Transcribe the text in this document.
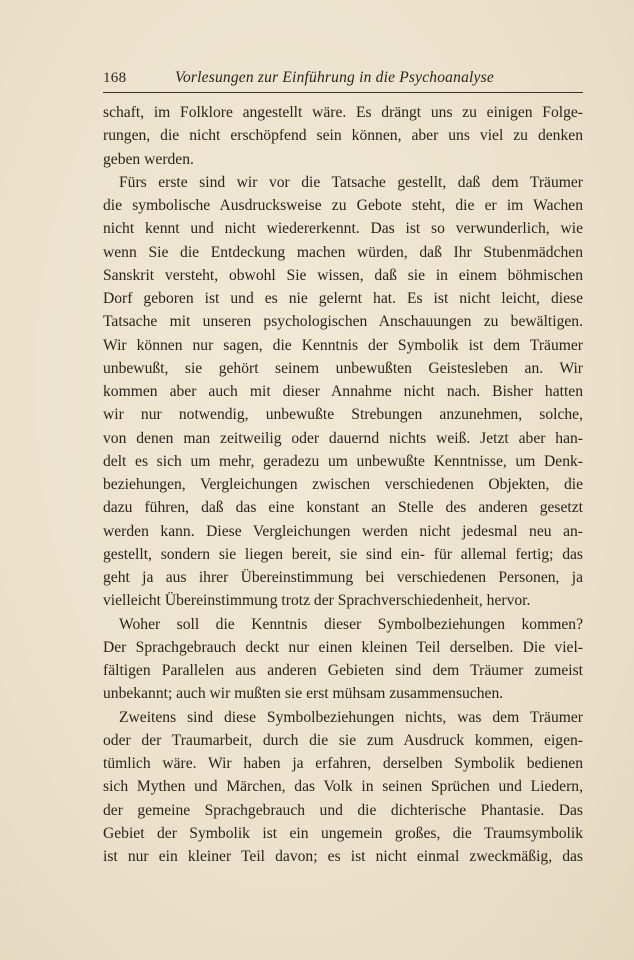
168	Vorlesungen zur Einführung in die Psychoanalyse
schaft, im Folklore angestellt wäre. Es drängt uns zu einigen Folge-
rungen, die nicht erschöpfend sein können, aber uns viel zu denken
geben werden.
Fürs erste sind wir vor die Tatsache gestellt, daß dem Träumer
die symbolische Ausdrucksweise zu Gebote steht, die er im Wachen
nicht kennt und nicht wiedererkennt. Das ist so verwunderlich, wie
wenn Sie die Entdeckung machen würden, daß Ihr Stubenmädchen
Sanskrit versteht, obwohl Sie wissen, daß sie in einem böhmischen
Dorf geboren ist und es nie gelernt hat. Es ist nicht leicht, diese
Tatsache mit unseren psychologischen Anschauungen zu bewältigen.
Wir können nur sagen, die Kenntnis der Symbolik ist dem Träumer
unbewußt, sie gehört seinem unbewußten Geistesleben an. Wir
kommen aber auch mit dieser Annahme nicht nach. Bisher hatten
wir nur notwendig, unbewußte Strebungen anzunehmen, solche,
von denen man zeitweilig oder dauernd nichts weiß. Jetzt aber han-
delt es sich um mehr, geradezu um unbewußte Kenntnisse, um Denk-
beziehungen, Vergleichungen zwischen verschiedenen Objekten, die
dazu führen, daß das eine konstant an Stelle des anderen gesetzt
werden kann. Diese Vergleichungen werden nicht jedesmal neu an-
gestellt, sondern sie liegen bereit, sie sind ein- für allemal fertig; das
geht ja aus ihrer Übereinstimmung bei verschiedenen Personen, ja
vielleicht Übereinstimmung trotz der Sprachverschiedenheit, hervor.
Woher soll die Kenntnis dieser Symbolbeziehungen kommen?
Der Sprachgebrauch deckt nur einen kleinen Teil derselben. Die viel-
fältigen Parallelen aus anderen Gebieten sind dem Träumer zumeist
unbekannt; auch wir mußten sie erst mühsam zusammensuchen.
Zweitens sind diese Symbolbeziehungen nichts, was dem Träumer
oder der Traumarbeit, durch die sie zum Ausdruck kommen, eigen-
tümlich wäre. Wir haben ja erfahren, derselben Symbolik bedienen
sich Mythen und Märchen, das Volk in seinen Sprüchen und Liedern,
der gemeine Sprachgebrauch und die dichterische Phantasie. Das
Gebiet der Symbolik ist ein ungemein großes, die Traumsymbolik
ist nur ein kleiner Teil davon; es ist nicht einmal zweckmäßig, das
